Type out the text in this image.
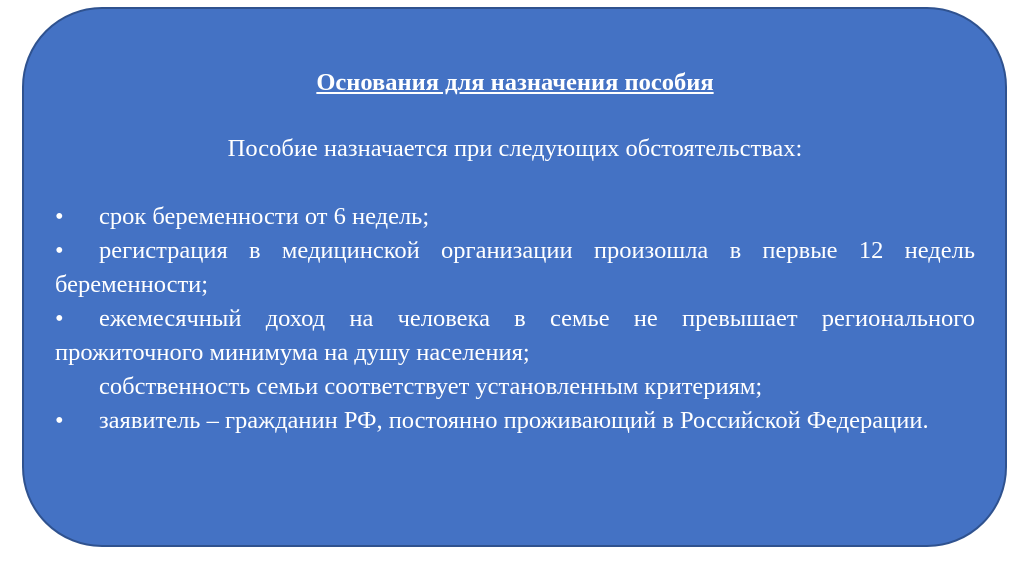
Основания для назначения пособия

Пособие назначается при следующих обстоятельствах:

• срок беременности от 6 недель;

• регистрация в медицинской организации произошла в первые 12 недель беременности;

• ежемесячный доход на человека в семье не превышает регионального прожиточного минимума на душу населения;

собственность семьи соответствует установленным критериям;

• заявитель – гражданин РФ, постоянно проживающий в Российской Федерации.
